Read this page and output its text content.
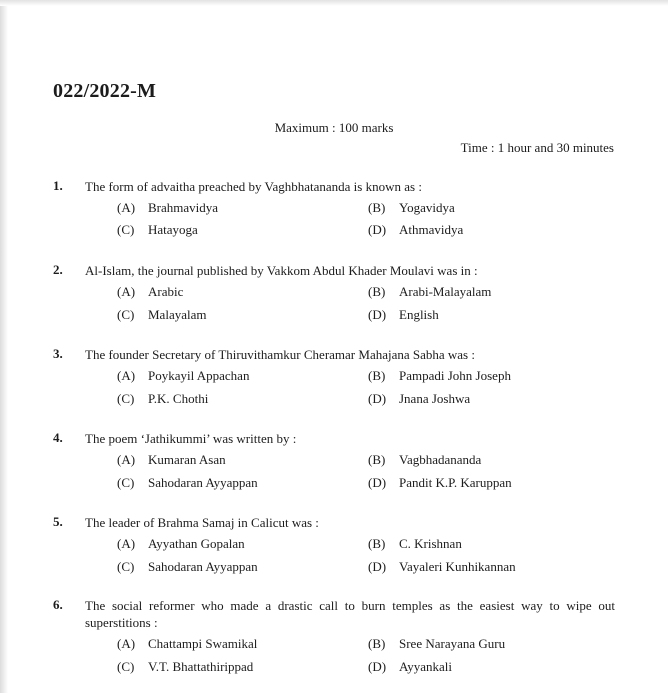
022/2022-M
Maximum : 100 marks
Time : 1 hour and 30 minutes
1. The form of advaitha preached by Vaghbhatananda is known as :
(A) Brahmavidya	(B) Yogavidya
(C) Hatayoga	(D) Athmavidya
2. Al-Islam, the journal published by Vakkom Abdul Khader Moulavi was in :
(A) Arabic	(B) Arabi-Malayalam
(C) Malayalam	(D) English
3. The founder Secretary of Thiruvithamkur Cheramar Mahajana Sabha was :
(A) Poykayil Appachan	(B) Pampadi John Joseph
(C) P.K. Chothi	(D) Jnana Joshwa
4. The poem ‘Jathikummi’ was written by :
(A) Kumaran Asan	(B) Vagbhadananda
(C) Sahodaran Ayyappan	(D) Pandit K.P. Karuppan
5. The leader of Brahma Samaj in Calicut was :
(A) Ayyathan Gopalan	(B) C. Krishnan
(C) Sahodaran Ayyappan	(D) Vayaleri Kunhikannan
6. The social reformer who made a drastic call to burn temples as the easiest way to wipe out superstitions :
(A) Chattampi Swamikal	(B) Sree Narayana Guru
(C) V.T. Bhattathirippad	(D) Ayyankali
